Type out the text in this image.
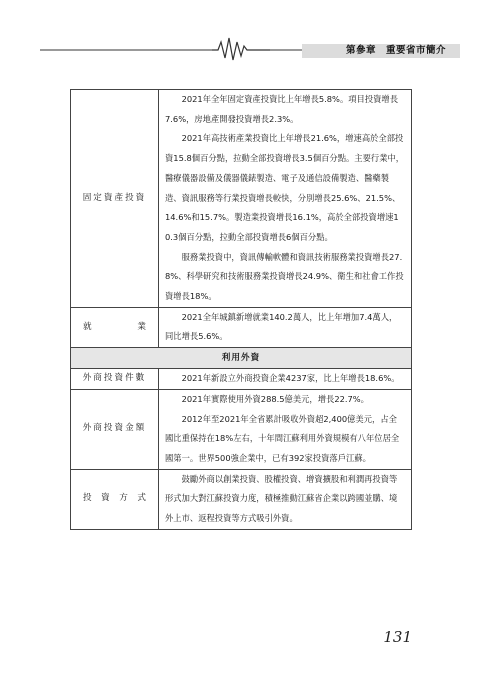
第參章　重要省市簡介
固定資產投資	2021年全年固定資產投資比上年增長5.8%。項目投資增長7.6%，房地產開發投資增長2.3%。

2021年高技術產業投資比上年增長21.6%，增速高於全部投資15.8個百分點，拉動全部投資增長3.5個百分點。主要行業中，醫療儀器設備及儀器儀錶製造、電子及通信設備製造、醫藥製造、資訊服務等行業投資增長較快，分別增長25.6%、21.5%、14.6%和15.7%。製造業投資增長16.1%，高於全部投資增速10.3個百分點，拉動全部投資增長6個百分點。

服務業投資中，資訊傳輸軟體和資訊技術服務業投資增長27.8%、科學研究和技術服務業投資增長24.9%、衛生和社會工作投資增長18%。

就　　業	2021全年城鎮新增就業140.2萬人，比上年增加7.4萬人，同比增長5.6%。

利用外資	
外商投資件數	2021年新設立外商投資企業4237家，比上年增長18.6%。

外商投資金額	2021年實際使用外資288.5億美元，增長22.7%。

2012年至2021年全省累計吸收外資超2,400億美元，占全國比重保持在18%左右，十年間江蘇利用外資規模有八年位居全國第一。世界500強企業中，已有392家投資落戶江蘇。

投資方式	鼓勵外商以創業投資、股權投資、增資擴股和利潤再投資等形式加大對江蘇投資力度，積極推動江蘇省企業以跨國並購、境外上市、返程投資等方式吸引外資。

131
